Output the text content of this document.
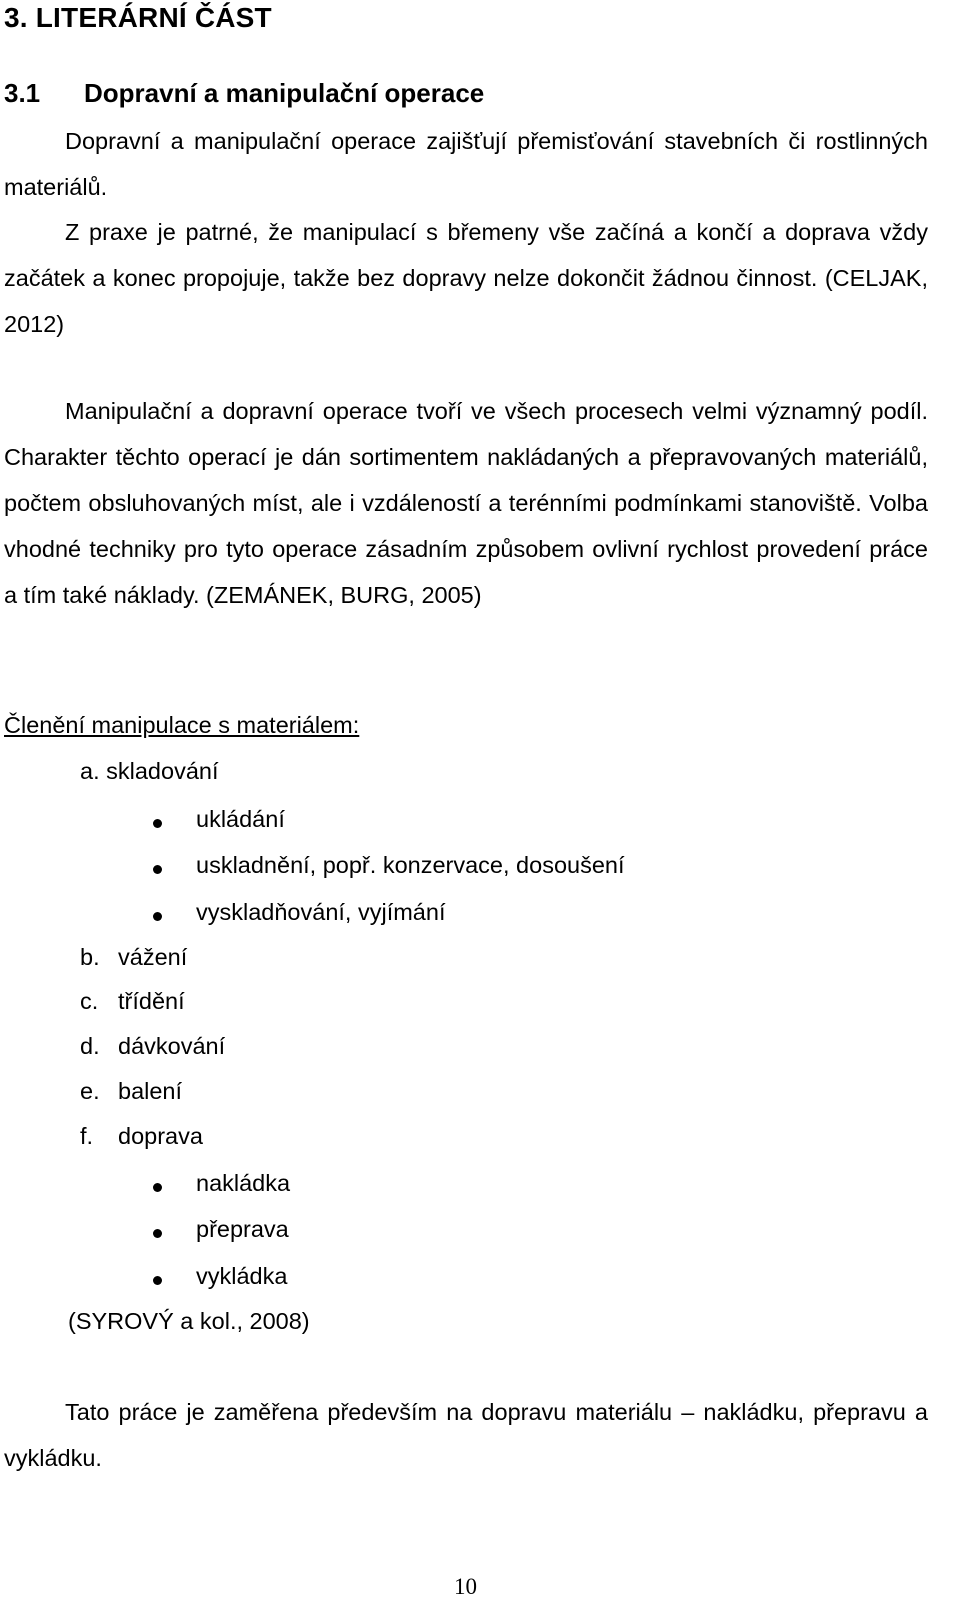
3. LITERÁRNÍ ČÁST
3.1 Dopravní a manipulační operace
Dopravní a manipulační operace zajišťují přemisťování stavebních či rostlinných materiálů.
Z praxe je patrné, že manipulací s břemeny vše začíná a končí a doprava vždy začátek a konec propojuje, takže bez dopravy nelze dokončit žádnou činnost. (CELJAK, 2012)
Manipulační a dopravní operace tvoří ve všech procesech velmi významný podíl. Charakter těchto operací je dán sortimentem nakládaných a přepravovaných materiálů, počtem obsluhovaných míst, ale i vzdáleností a terénními podmínkami stanoviště. Volba vhodné techniky pro tyto operace zásadním způsobem ovlivní rychlost provedení práce a tím také náklady. (ZEMÁNEK, BURG, 2005)
Členění manipulace s materiálem:
a. skladování
ukládání
uskladnění, popř. konzervace, dosoušení
vyskladňování, vyjímání
b. vážení
c. třídění
d. dávkování
e. balení
f. doprava
nakládka
přeprava
vykládka
(SYROVÝ a kol., 2008)
Tato práce je zaměřena především na dopravu materiálu – nakládku, přepravu a vykládku.
10
